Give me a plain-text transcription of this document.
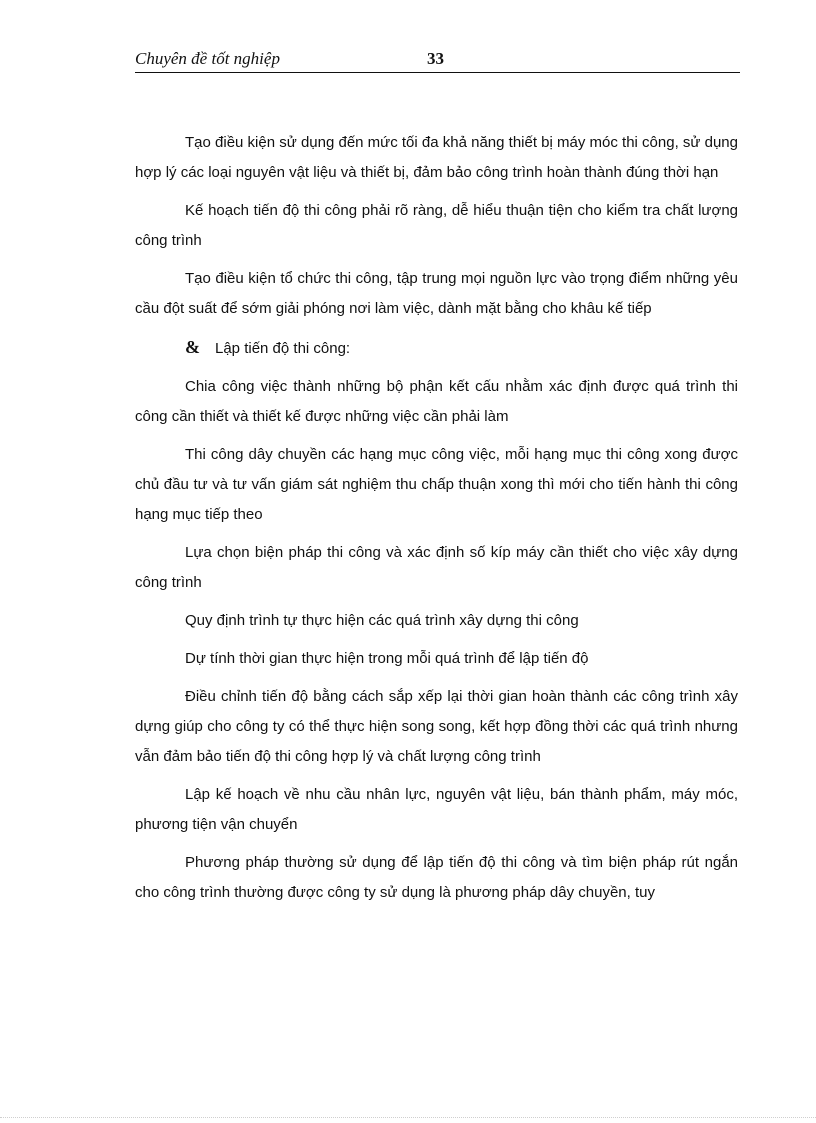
Chuyên đề tốt nghiệp	33

Tạo điều kiện sử dụng đến mức tối đa khả năng thiết bị máy móc thi công, sử dụng hợp lý các loại nguyên vật liệu và thiết bị, đảm bảo công trình hoàn thành đúng thời hạn

Kế hoạch tiến độ thi công phải rõ ràng, dễ hiểu thuận tiện cho kiểm tra chất lượng công trình

Tạo điều kiện tổ chức thi công, tập trung mọi nguồn lực vào trọng điểm những yêu cầu đột suất để sớm giải phóng nơi làm việc, dành mặt bằng cho khâu kế tiếp

& Lập tiến độ thi công:

Chia công việc thành những bộ phận kết cấu nhằm xác định được quá trình thi công cần thiết và thiết kế được những việc cần phải làm

Thi công dây chuyền các hạng mục công việc, mỗi hạng mục thi công xong được chủ đầu tư và tư vấn giám sát nghiệm thu chấp thuận xong thì mới cho tiến hành thi công hạng mục tiếp theo

Lựa chọn biện pháp thi công và xác định số kíp máy cần thiết cho việc xây dựng công trình

Quy định trình tự thực hiện các quá trình xây dựng thi công

Dự tính thời gian thực hiện trong mỗi quá trình để lập tiến độ

Điều chỉnh tiến độ bằng cách sắp xếp lại thời gian hoàn thành các công trình xây dựng giúp cho công ty có thể thực hiện song song, kết hợp đồng thời các quá trình nhưng vẫn đảm bảo tiến độ thi công hợp lý và chất lượng công trình

Lập kế hoạch về nhu cầu nhân lực, nguyên vật liệu, bán thành phẩm, máy móc, phương tiện vận chuyển

Phương pháp thường sử dụng để lập tiến độ thi công và tìm biện pháp rút ngắn cho công trình thường được công ty sử dụng là phương pháp dây chuyền, tuy
